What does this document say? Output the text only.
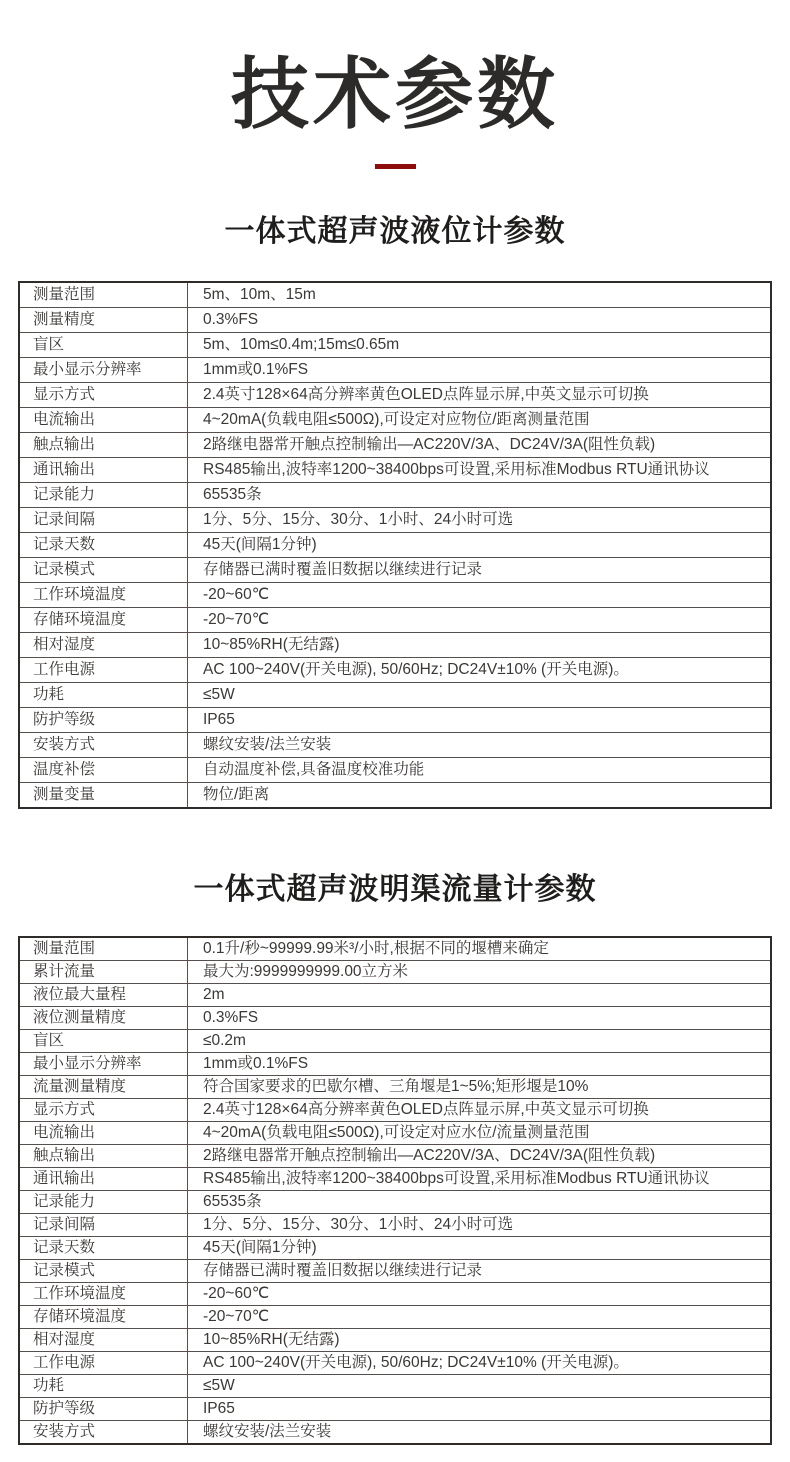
技术参数
一体式超声波液位计参数
测量范围	5m、10m、15m
测量精度	0.3%FS
盲区	5m、10m≤0.4m;15m≤0.65m
最小显示分辨率	1mm或0.1%FS
显示方式	2.4英寸128×64高分辨率黄色OLED点阵显示屏,中英文显示可切换
电流输出	4~20mA(负载电阻≤500Ω),可设定对应物位/距离测量范围
触点输出	2路继电器常开触点控制输出—AC220V/3A、DC24V/3A(阻性负载)
通讯输出	RS485输出,波特率1200~38400bps可设置,采用标准Modbus RTU通讯协议
记录能力	65535条
记录间隔	1分、5分、15分、30分、1小时、24小时可选
记录天数	45天(间隔1分钟)
记录模式	存储器已满时覆盖旧数据以继续进行记录
工作环境温度	-20~60℃
存储环境温度	-20~70℃
相对湿度	10~85%RH(无结露)
工作电源	AC 100~240V(开关电源), 50/60Hz; DC24V±10% (开关电源)。
功耗	≤5W
防护等级	IP65
安装方式	螺纹安装/法兰安装
温度补偿	自动温度补偿,具备温度校准功能
测量变量	物位/距离
一体式超声波明渠流量计参数
测量范围	0.1升/秒~99999.99米³/小时,根据不同的堰槽来确定
累计流量	最大为:9999999999.00立方米
液位最大量程	2m
液位测量精度	0.3%FS
盲区	≤0.2m
最小显示分辨率	1mm或0.1%FS
流量测量精度	符合国家要求的巴歇尔槽、三角堰是1~5%;矩形堰是10%
显示方式	2.4英寸128×64高分辨率黄色OLED点阵显示屏,中英文显示可切换
电流输出	4~20mA(负载电阻≤500Ω),可设定对应水位/流量测量范围
触点输出	2路继电器常开触点控制输出—AC220V/3A、DC24V/3A(阻性负载)
通讯输出	RS485输出,波特率1200~38400bps可设置,采用标准Modbus RTU通讯协议
记录能力	65535条
记录间隔	1分、5分、15分、30分、1小时、24小时可选
记录天数	45天(间隔1分钟)
记录模式	存储器已满时覆盖旧数据以继续进行记录
工作环境温度	-20~60℃
存储环境温度	-20~70℃
相对湿度	10~85%RH(无结露)
工作电源	AC 100~240V(开关电源), 50/60Hz; DC24V±10% (开关电源)。
功耗	≤5W
防护等级	IP65
安装方式	螺纹安装/法兰安装
